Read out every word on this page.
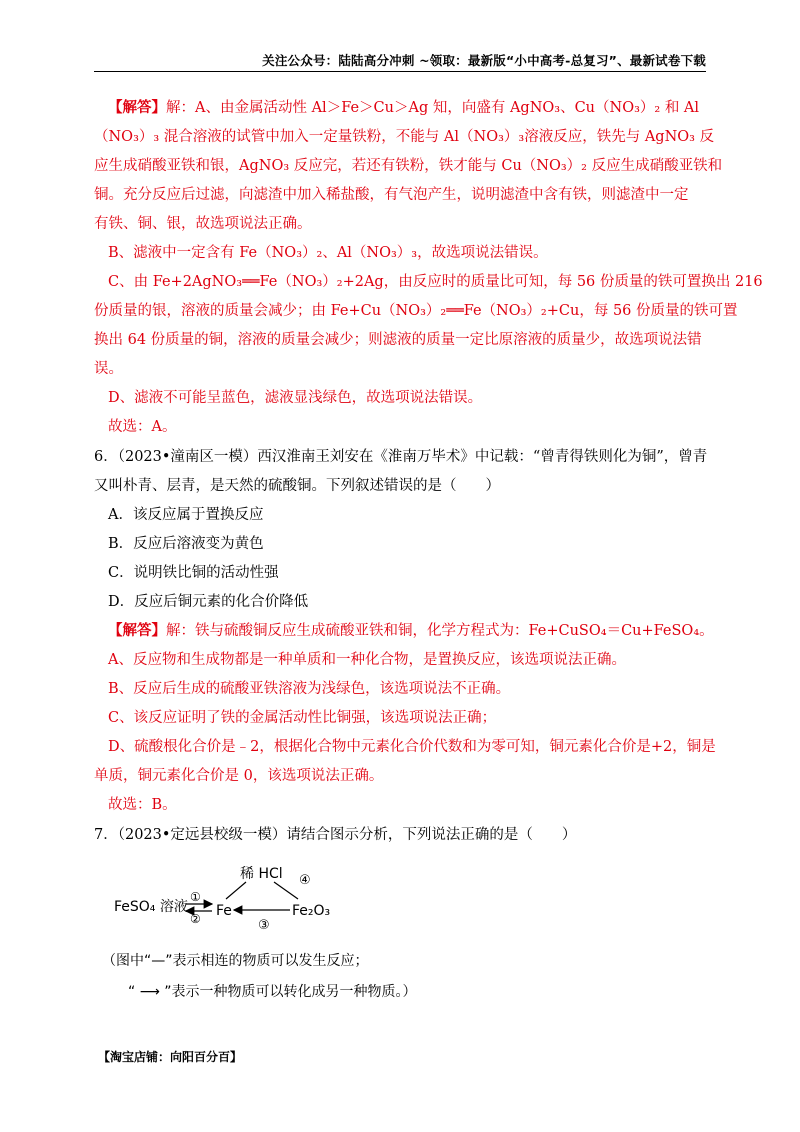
关注公众号：陆陆高分冲刺 ~领取：最新版“小中高考-总复习”、最新试卷下载

【解答】解：A、由金属活动性 Al＞Fe＞Cu＞Ag 知，向盛有 AgNO₃、Cu（NO₃）₂ 和 Al

（NO₃）₃ 混合溶液的试管中加入一定量铁粉，不能与 Al（NO₃）₃溶液反应，铁先与 AgNO₃ 反

应生成硝酸亚铁和银，AgNO₃ 反应完，若还有铁粉，铁才能与 Cu（NO₃）₂ 反应生成硝酸亚铁和

铜。充分反应后过滤，向滤渣中加入稀盐酸，有气泡产生，说明滤渣中含有铁，则滤渣中一定

有铁、铜、银，故选项说法正确。

B、滤液中一定含有 Fe（NO₃）₂、Al（NO₃）₃，故选项说法错误。

C、由 Fe+2AgNO₃══Fe（NO₃）₂+2Ag，由反应时的质量比可知，每 56 份质量的铁可置换出 216

份质量的银，溶液的质量会减少；由 Fe+Cu（NO₃）₂══Fe（NO₃）₂+Cu，每 56 份质量的铁可置

换出 64 份质量的铜，溶液的质量会减少；则滤液的质量一定比原溶液的质量少，故选项说法错

误。

D、滤液不可能呈蓝色，滤液显浅绿色，故选项说法错误。

故选：A。

6．（2023•潼南区一模）西汉淮南王刘安在《淮南万毕术》中记载：“曾青得铁则化为铜”，曾青

又叫朴青、层青，是天然的硫酸铜。下列叙述错误的是（　　）

A．该反应属于置换反应

B．反应后溶液变为黄色

C．说明铁比铜的活动性强

D．反应后铜元素的化合价降低

【解答】解：铁与硫酸铜反应生成硫酸亚铁和铜，化学方程式为：Fe+CuSO₄＝Cu+FeSO₄。

A、反应物和生成物都是一种单质和一种化合物，是置换反应，该选项说法正确。

B、反应后生成的硫酸亚铁溶液为浅绿色，该选项说法不正确。

C、该反应证明了铁的金属活动性比铜强，该选项说法正确；

D、硫酸根化合价是﹣2，根据化合物中元素化合价代数和为零可知，铜元素化合价是+2，铜是

单质，铜元素化合价是 0，该选项说法正确。

故选：B。

7．（2023•定远县校级一模）请结合图示分析，下列说法正确的是（　　）

稀 HCl ④
FeSO₄ 溶液
①
② Fe
③
Fe₂O₃
（图中“—”表示相连的物质可以发生反应；
“ ⟶ ”表示一种物质可以转化成另一种物质。）
【淘宝店铺：向阳百分百】
